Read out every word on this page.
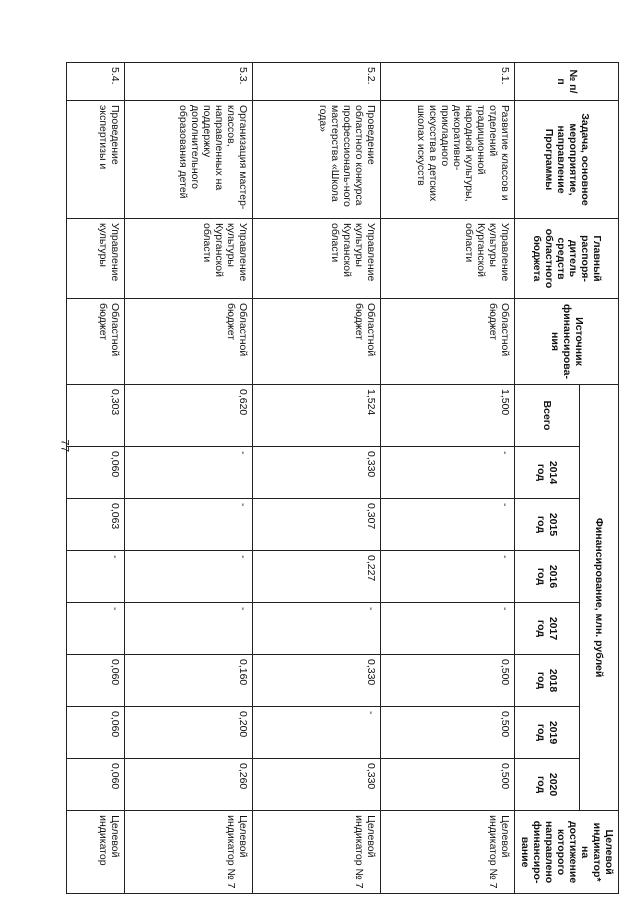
77
№ п/п	Задача, основное мероприятие, направление Программы	Главный распоря-дитель средств областного бюджета	Источник финансирова-ния	Финансирование, млн. рублей								Целевой индикатор* на достижение которого направлено финансиро-вание
				Всего	2014 год	2015 год	2016 год	2017 год	2018 год	2019 год	2020 год	
5.1.	Развитие классов и отделений традиционной народной культуры, декоративно-прикладного искусства в детских школах искусств	Управление культуры Курганской области	Областной бюджет	1,500	-	-	-	-	0,500	0,500	0,500	Целевой индикатор № 7
5.2.	Проведение областного конкурса профессиональ-ного мастерства «Школа года»	Управление культуры Курганской области	Областной бюджет	1,524	0,330	0,307	0,227	-	0,330	-	0,330	Целевой индикатор № 7
5.3.	Организация мастер-классов, направленных на поддержку дополнительного образования детей	Управление культуры Курганской области	Областной бюджет	0,620	-	-	-	-	0,160	0,200	0,260	Целевой индикатор № 7
5.4.	Проведение экспертизы и	Управление культуры	Областной бюджет	0,303	0,060	0,063	-	-	0,060	0,060	0,060	Целевой индикатор
